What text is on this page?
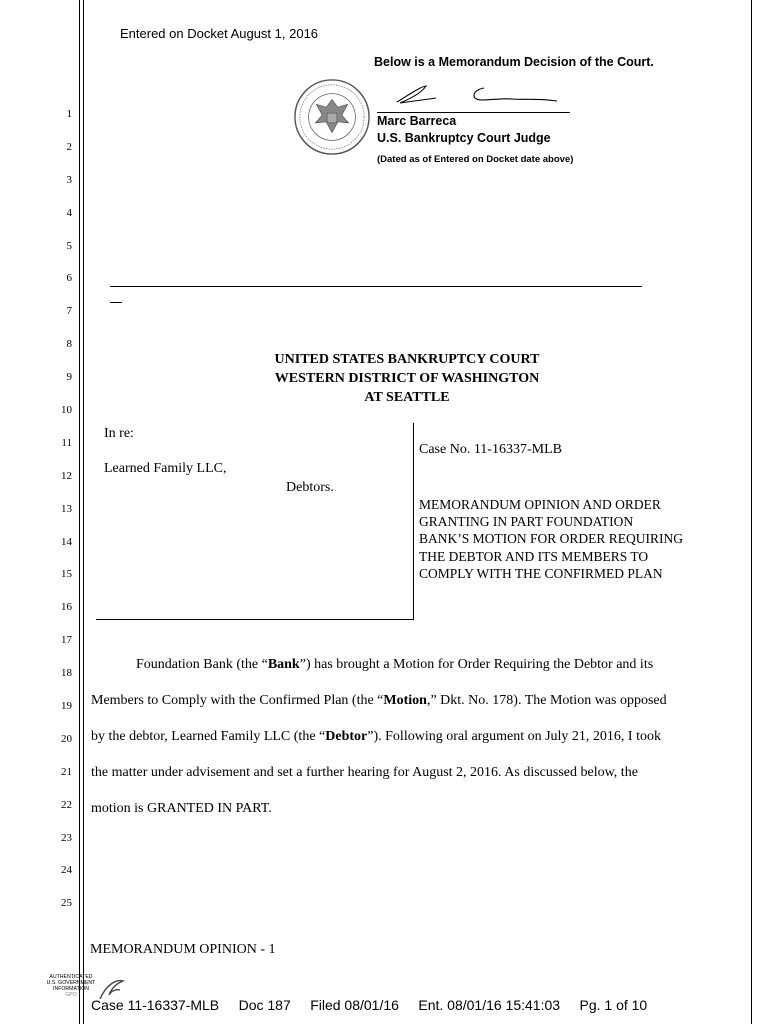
1
2
3
4
5
6
7
8
9
10
11
12
13
14
15
16
17
18
19
20
21
22
23
24
25
Entered on Docket August 1, 2016
Below is a Memorandum Decision of the Court.
Marc Barreca
U.S. Bankruptcy Court Judge
(Dated as of Entered on Docket date above)
UNITED STATES BANKRUPTCY COURT
WESTERN DISTRICT OF WASHINGTON
AT SEATTLE
In re:
Learned Family LLC,
Debtors.
Case No. 11-16337-MLB
MEMORANDUM OPINION AND ORDER
GRANTING IN PART FOUNDATION
BANK’S MOTION FOR ORDER REQUIRING
THE DEBTOR AND ITS MEMBERS TO
COMPLY WITH THE CONFIRMED PLAN
Foundation Bank (the “Bank”) has brought a Motion for Order Requiring the Debtor and its
Members to Comply with the Confirmed Plan (the “Motion,” Dkt. No. 178). The Motion was opposed
by the debtor, Learned Family LLC (the “Debtor”). Following oral argument on July 21, 2016, I took
the matter under advisement and set a further hearing for August 2, 2016. As discussed below, the
motion is GRANTED IN PART.
MEMORANDUM OPINION - 1
AUTHENTICATED
U.S. GOVERNMENT
INFORMATION
GPO
Case 11-16337-MLB     Doc 187     Filed 08/01/16     Ent. 08/01/16 15:41:03     Pg. 1 of 10
